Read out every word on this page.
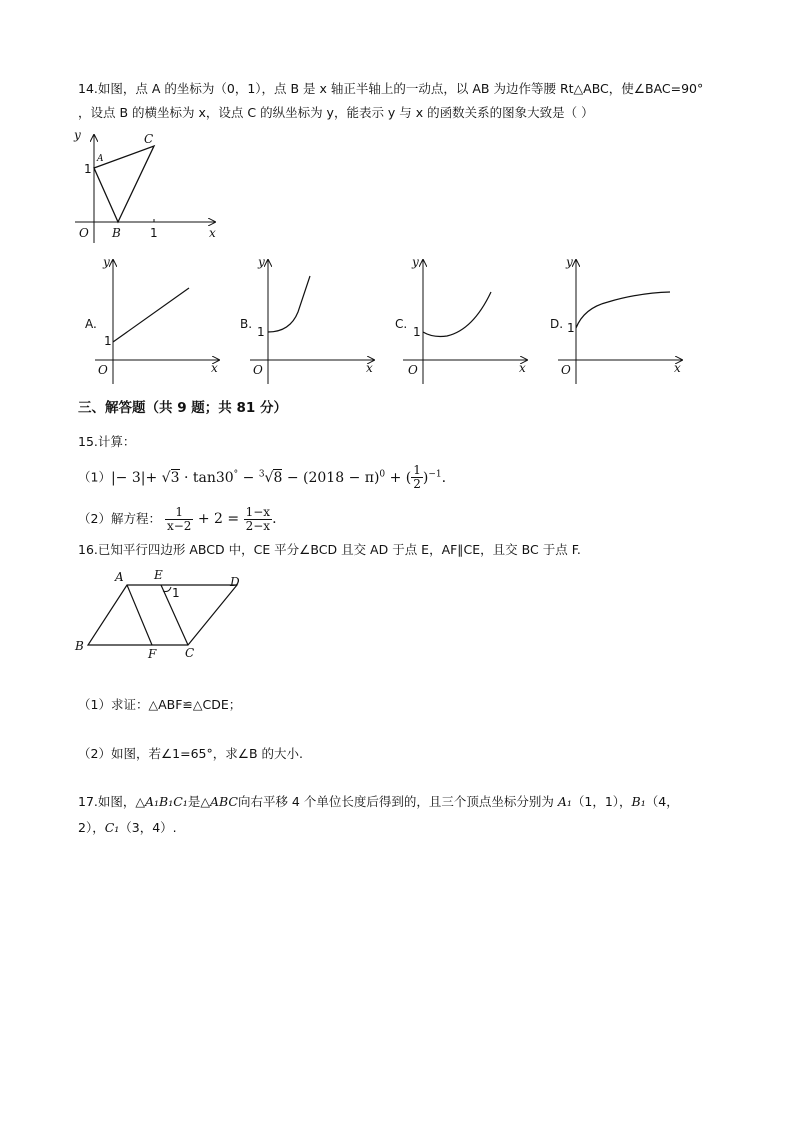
14.如图，点 A 的坐标为（0，1），点 B 是 x 轴正半轴上的一动点，以 AB 为边作等腰 Rt△ABC，使∠BAC=90°
，设点 B 的横坐标为 x，设点 C 的纵坐标为 y，能表示 y 与 x 的函数关系的图象大致是（ ）
y	C
A
1
O B 1	x
A.
y
1
O	x
B.
y
1
O	x
C.
y
1
O	x
D.
y
1
O	x
三、解答题（共 9 题；共 81 分）
15.计算：
$(1)|- 3|+ √3 \cdot \tan 30^\circ - ^3√8 - (2018 - \pi)^0$ + ( $\frac{1}{2} )^{-1}$.
（2）解方程： $\frac{1}{x-2} + 2 = \frac{1-x}{2-x}$ .
16.已知平行四边形 ABCD 中，CE 平分∠BCD 且交 AD 于点 E，AF∥CE，且交 BC 于点 F.
A	E	D
1
B
F C
（1）求证：△ABF≌△CDE；
（2）如图，若∠1=65°，求∠B 的大小.
17.如图，△A₁B₁C₁是△ABC向右平移 4 个单位长度后得到的，且三个顶点坐标分别为 A₁（1，1），B₁（4，
2），C₁（3，4）.
